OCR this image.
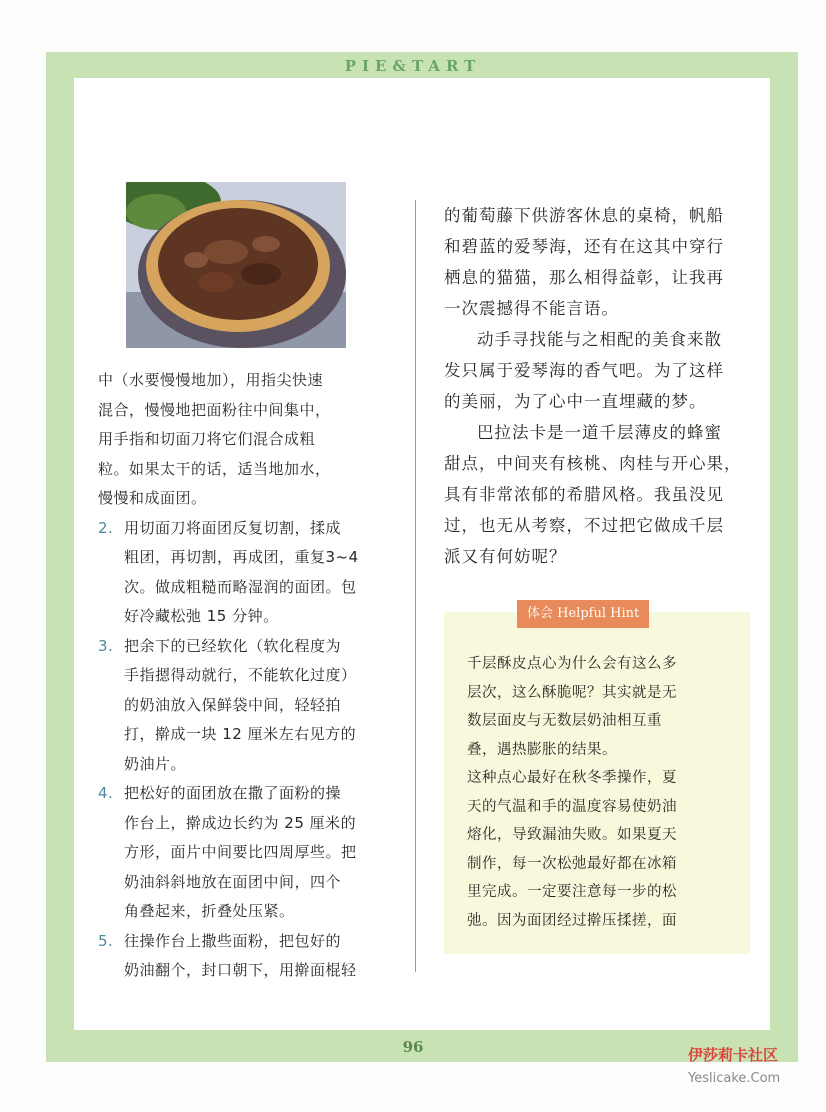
PIE&TART
中（水要慢慢地加），用指尖快速
混合，慢慢地把面粉往中间集中，
用手指和切面刀将它们混合成粗
粒。如果太干的话，适当地加水，
慢慢和成面团。
2. 用切面刀将面团反复切割，揉成
粗团，再切割，再成团，重复3~4
次。做成粗糙而略湿润的面团。包
好冷藏松弛 15 分钟。
3. 把余下的已经软化（软化程度为
手指摁得动就行，不能软化过度）
的奶油放入保鲜袋中间，轻轻拍
打，擀成一块 12 厘米左右见方的
奶油片。
4. 把松好的面团放在撒了面粉的操
作台上，擀成边长约为 25 厘米的
方形，面片中间要比四周厚些。把
奶油斜斜地放在面团中间，四个
角叠起来，折叠处压紧。
5. 往操作台上撒些面粉，把包好的
奶油翻个，封口朝下，用擀面棍轻

的葡萄藤下供游客休息的桌椅，帆船
和碧蓝的爱琴海，还有在这其中穿行
栖息的猫猫，那么相得益彰，让我再
一次震撼得不能言语。

动手寻找能与之相配的美食来散
发只属于爱琴海的香气吧。为了这样
的美丽，为了心中一直埋藏的梦。

巴拉法卡是一道千层薄皮的蜂蜜
甜点，中间夹有核桃、肉桂与开心果，
具有非常浓郁的希腊风格。我虽没见
过，也无从考察，不过把它做成千层
派又有何妨呢？

体会 Helpful Hint

千层酥皮点心为什么会有这么多
层次，这么酥脆呢？其实就是无
数层面皮与无数层奶油相互重
叠，遇热膨胀的结果。

这种点心最好在秋冬季操作，夏
天的气温和手的温度容易使奶油
熔化，导致漏油失败。如果夏天
制作，每一次松弛最好都在冰箱
里完成。一定要注意每一步的松
弛。因为面团经过擀压揉搓，面

96	伊莎莉卡社区
Yeslicake.Com
